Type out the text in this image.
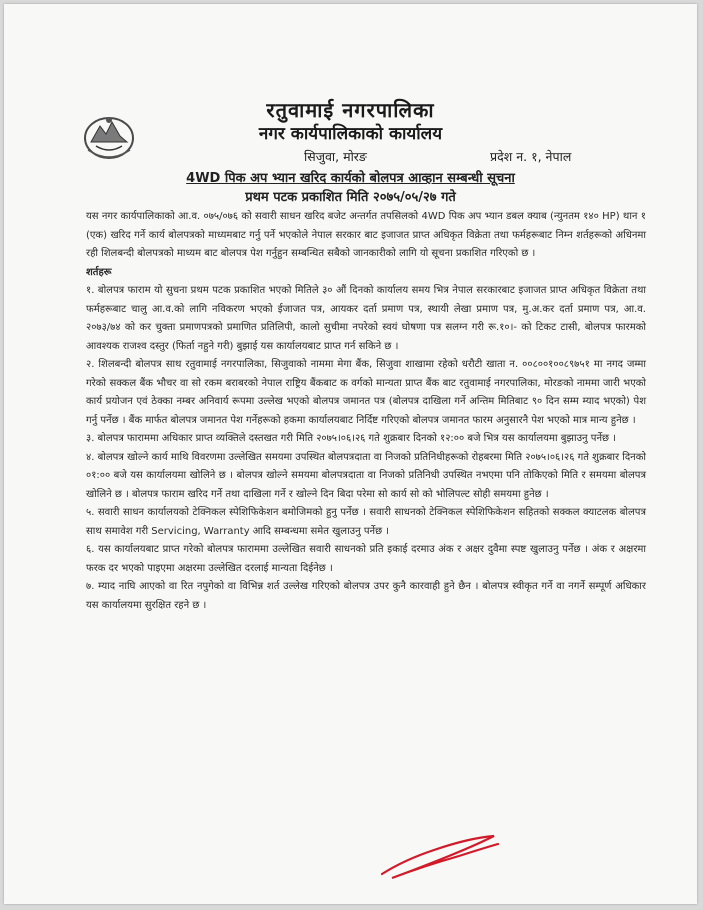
रतुवामाई नगरपालिका
नगर कार्यपालिकाको कार्यालय
सिजुवा, मोरङ	प्रदेश न. १, नेपाल
4WD पिक अप भ्यान खरिद कार्यको बोलपत्र आव्हान सम्बन्धी सूचना
प्रथम पटक प्रकाशित मिति २०७५/०५/२७ गते

यस नगर कार्यपालिकाको आ.व. ०७५/०७६ को सवारी साधन खरिद बजेट अन्तर्गत तपसिलको 4WD पिक अप भ्यान डबल क्याब (न्युनतम १४० HP) थान १ (एक) खरिद गर्ने कार्य बोलपत्रको माध्यमबाट गर्नु पर्ने भएकोले नेपाल सरकार बाट इजाजत प्राप्त अधिकृत विक्रेता तथा फर्महरूबाट निम्न शर्तहरूको अधिनमा रही शिलबन्दी बोलपत्रको माध्यम बाट बोलपत्र पेश गर्नुहुन सम्बन्धित सबैको जानकारीको लागि यो सूचना प्रकाशित गरिएको छ ।

शर्तहरू

१. बोलपत्र फाराम यो सुचना प्रथम पटक प्रकाशित भएको मितिले ३० औं दिनको कार्यालय समय भित्र नेपाल सरकारबाट इजाजत प्राप्त अधिकृत विक्रेता तथा फर्महरूबाट चालु आ.व.को लागि नविकरण भएको ईजाजत पत्र, आयकर दर्ता प्रमाण पत्र, स्थायी लेखा प्रमाण पत्र, मु.अ.कर दर्ता प्रमाण पत्र, आ.व. २०७३/७४ को कर चुक्ता प्रमाणपत्रको प्रमाणित प्रतिलिपी, कालो सुचीमा नपरेको स्वयं घोषणा पत्र सलग्न गरी रू.१०।- को टिकट टासी, बोलपत्र फारमको आवश्यक राजश्व दस्तुर (फिर्ता नहुने गरी) बुझाई यस कार्यालयबाट प्राप्त गर्न सकिने छ ।

२. शिलबन्दी बोलपत्र साथ रतुवामाई नगरपालिका, सिजुवाको नाममा मेगा बैंक, सिजुवा शाखामा रहेको धरौटी खाता न. ००८००१००८९७५१ मा नगद जम्मा गरेको सक्कल बैंक भौचर वा सो रकम बराबरको नेपाल राष्ट्रिय बैंकबाट क वर्गको मान्यता प्राप्त बैंक बाट रतुवामाई नगरपालिका, मोरङको नाममा जारी भएको कार्य प्रयोजन एवं ठेक्का नम्बर अनिवार्य रूपमा उल्लेख भएको बोलपत्र जमानत पत्र (बोलपत्र दाखिला गर्ने अन्तिम मितिबाट ९० दिन सम्म म्याद भएको) पेश गर्नु पर्नेछ । बैंक मार्फत बोलपत्र जमानत पेश गर्नेहरूको हकमा कार्यालयबाट निर्दिष्ट गरिएको बोलपत्र जमानत फारम अनुसारनै पेश भएको मात्र मान्य हुनेछ ।

३. बोलपत्र फाराममा अधिकार प्राप्त व्यक्तिले दस्तखत गरी मिति २०७५।०६।२६ गते शुक्रबार दिनको १२:०० बजे भित्र यस कार्यालयमा बुझाउनु पर्नेछ ।

४. बोलपत्र खोल्ने कार्य माथि विवरणमा उल्लेखित समयमा उपस्थित बोलपत्रदाता वा निजको प्रतिनिधीहरूको रोहबरमा मिति २०७५।०६।२६ गते शुक्रबार दिनको ०१:०० बजे यस कार्यालयमा खोलिने छ । बोलपत्र खोल्ने समयमा बोलपत्रदाता वा निजको प्रतिनिधी उपस्थित नभएमा पनि तोकिएको मिति र समयमा बोलपत्र खोलिने छ । बोलपत्र फाराम खरिद गर्ने तथा दाखिला गर्ने र खोल्ने दिन बिदा परेमा सो कार्य सो को भोलिपल्ट सोही समयमा हुनेछ ।

५. सवारी साधन कार्यालयको टेक्निकल स्पेशिफिकेशन बमोजिमको हुनु पर्नेछ । सवारी साधनको टेक्निकल स्पेशिफिकेशन सहितको सक्कल क्याटलक बोलपत्र साथ समावेश गरी Servicing, Warranty आदि सम्बन्धमा समेत खुलाउनु पर्नेछ ।

६. यस कार्यालयबाट प्राप्त गरेको बोलपत्र फाराममा उल्लेखित सवारी साधनको प्रति इकाई दरमाउ अंक र अक्षर दुवैमा स्पष्ट खुलाउनु पर्नेछ । अंक र अक्षरमा फरक दर भएको पाइएमा अक्षरमा उल्लेखित दरलाई मान्यता दिईनेछ ।

७. म्याद नाघि आएको वा रित नपुगेको वा विभिन्न शर्त उल्लेख गरिएको बोलपत्र उपर कुनै कारवाही हुने छैन । बोलपत्र स्वीकृत गर्ने वा नगर्ने सम्पूर्ण अधिकार यस कार्यालयमा सुरक्षित रहने छ ।
